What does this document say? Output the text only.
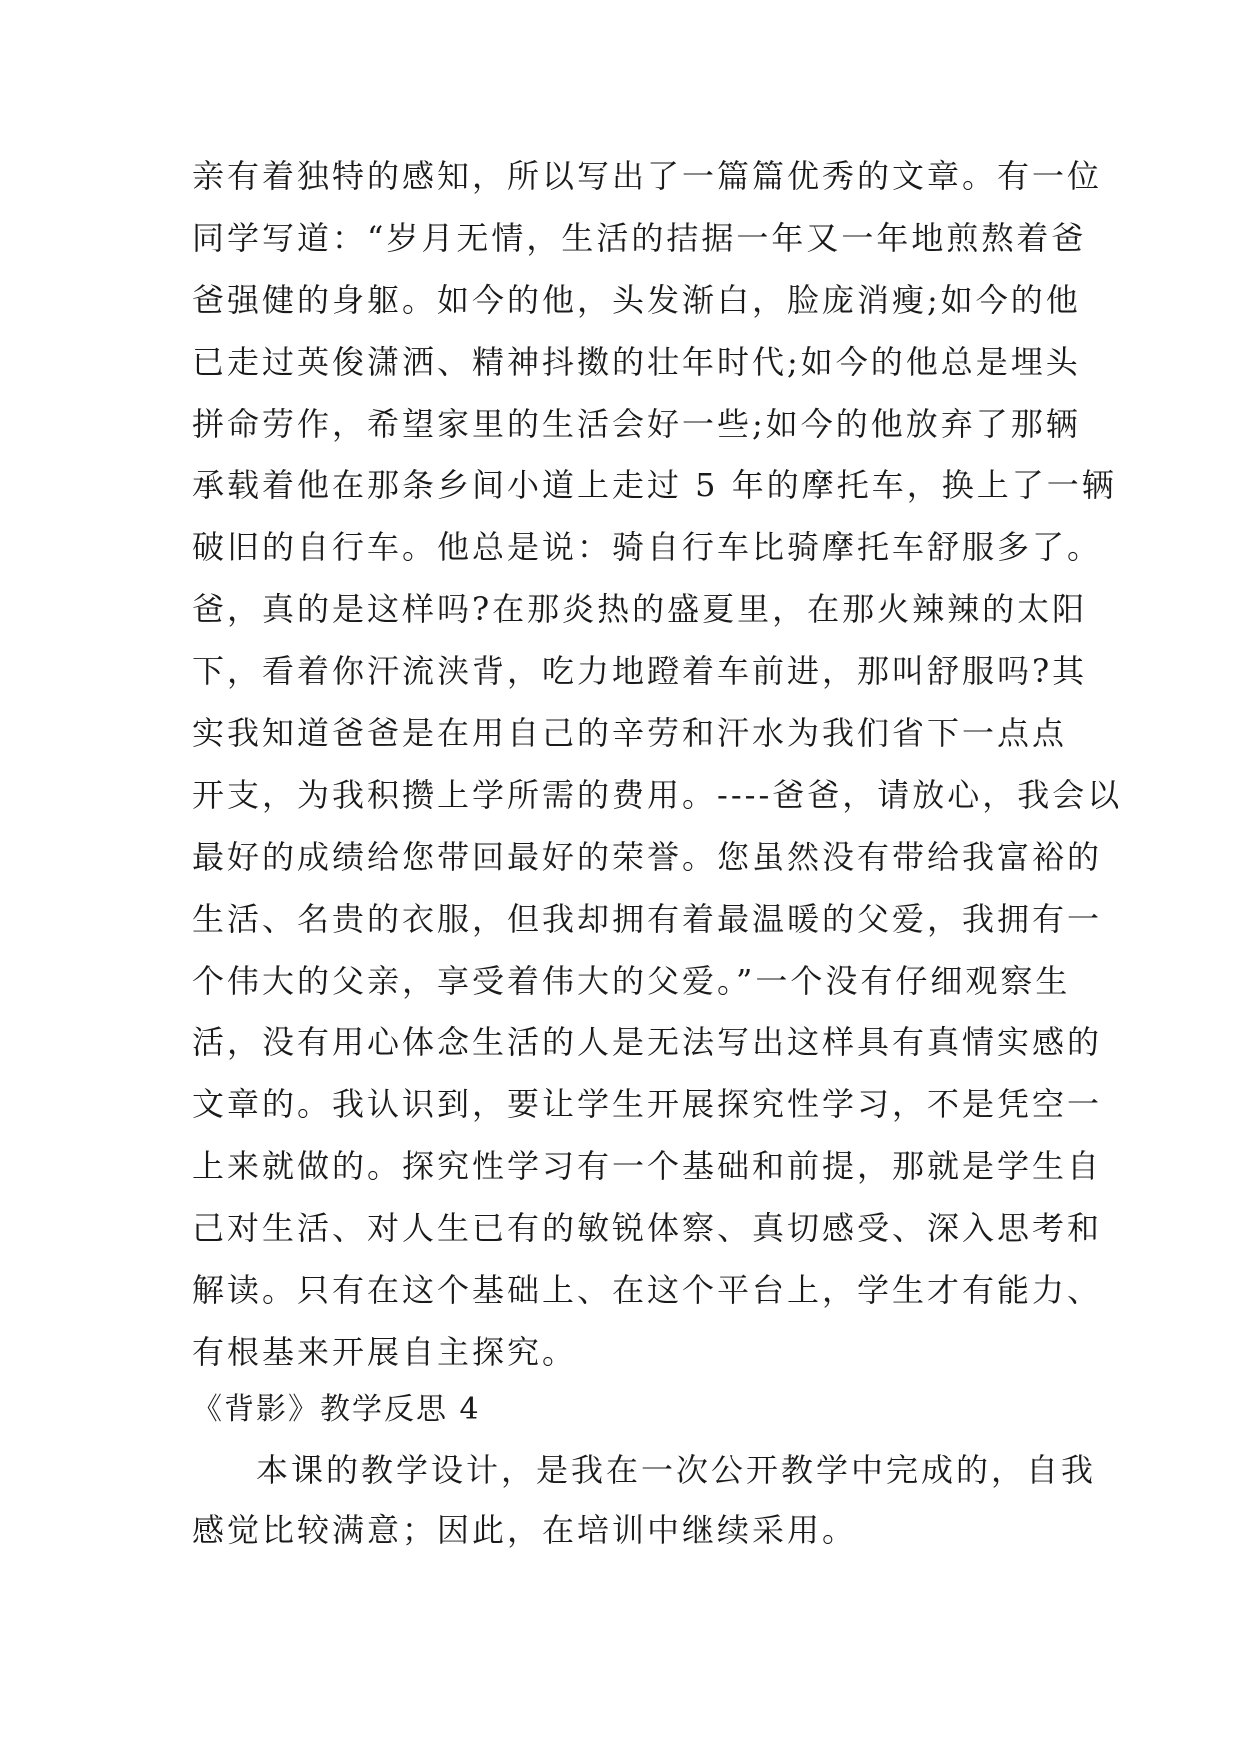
亲有着独特的感知，所以写出了一篇篇优秀的文章。有一位
同学写道：“岁月无情，生活的拮据一年又一年地煎熬着爸
爸强健的身躯。如今的他，头发渐白，脸庞消瘦;如今的他
已走过英俊潇洒、精神抖擞的壮年时代;如今的他总是埋头
拼命劳作，希望家里的生活会好一些;如今的他放弃了那辆
承载着他在那条乡间小道上走过 5 年的摩托车，换上了一辆
破旧的自行车。他总是说：骑自行车比骑摩托车舒服多了。
爸，真的是这样吗?在那炎热的盛夏里，在那火辣辣的太阳
下，看着你汗流浃背，吃力地蹬着车前进，那叫舒服吗?其
实我知道爸爸是在用自己的辛劳和汗水为我们省下一点点
开支，为我积攒上学所需的费用。----爸爸，请放心，我会以
最好的成绩给您带回最好的荣誉。您虽然没有带给我富裕的
生活、名贵的衣服，但我却拥有着最温暖的父爱，我拥有一
个伟大的父亲，享受着伟大的父爱。”一个没有仔细观察生
活，没有用心体念生活的人是无法写出这样具有真情实感的
文章的。我认识到，要让学生开展探究性学习，不是凭空一
上来就做的。探究性学习有一个基础和前提，那就是学生自
己对生活、对人生已有的敏锐体察、真切感受、深入思考和
解读。只有在这个基础上、在这个平台上，学生才有能力、
有根基来开展自主探究。
《背影》教学反思 4
本课的教学设计，是我在一次公开教学中完成的，自我
感觉比较满意；因此，在培训中继续采用。
